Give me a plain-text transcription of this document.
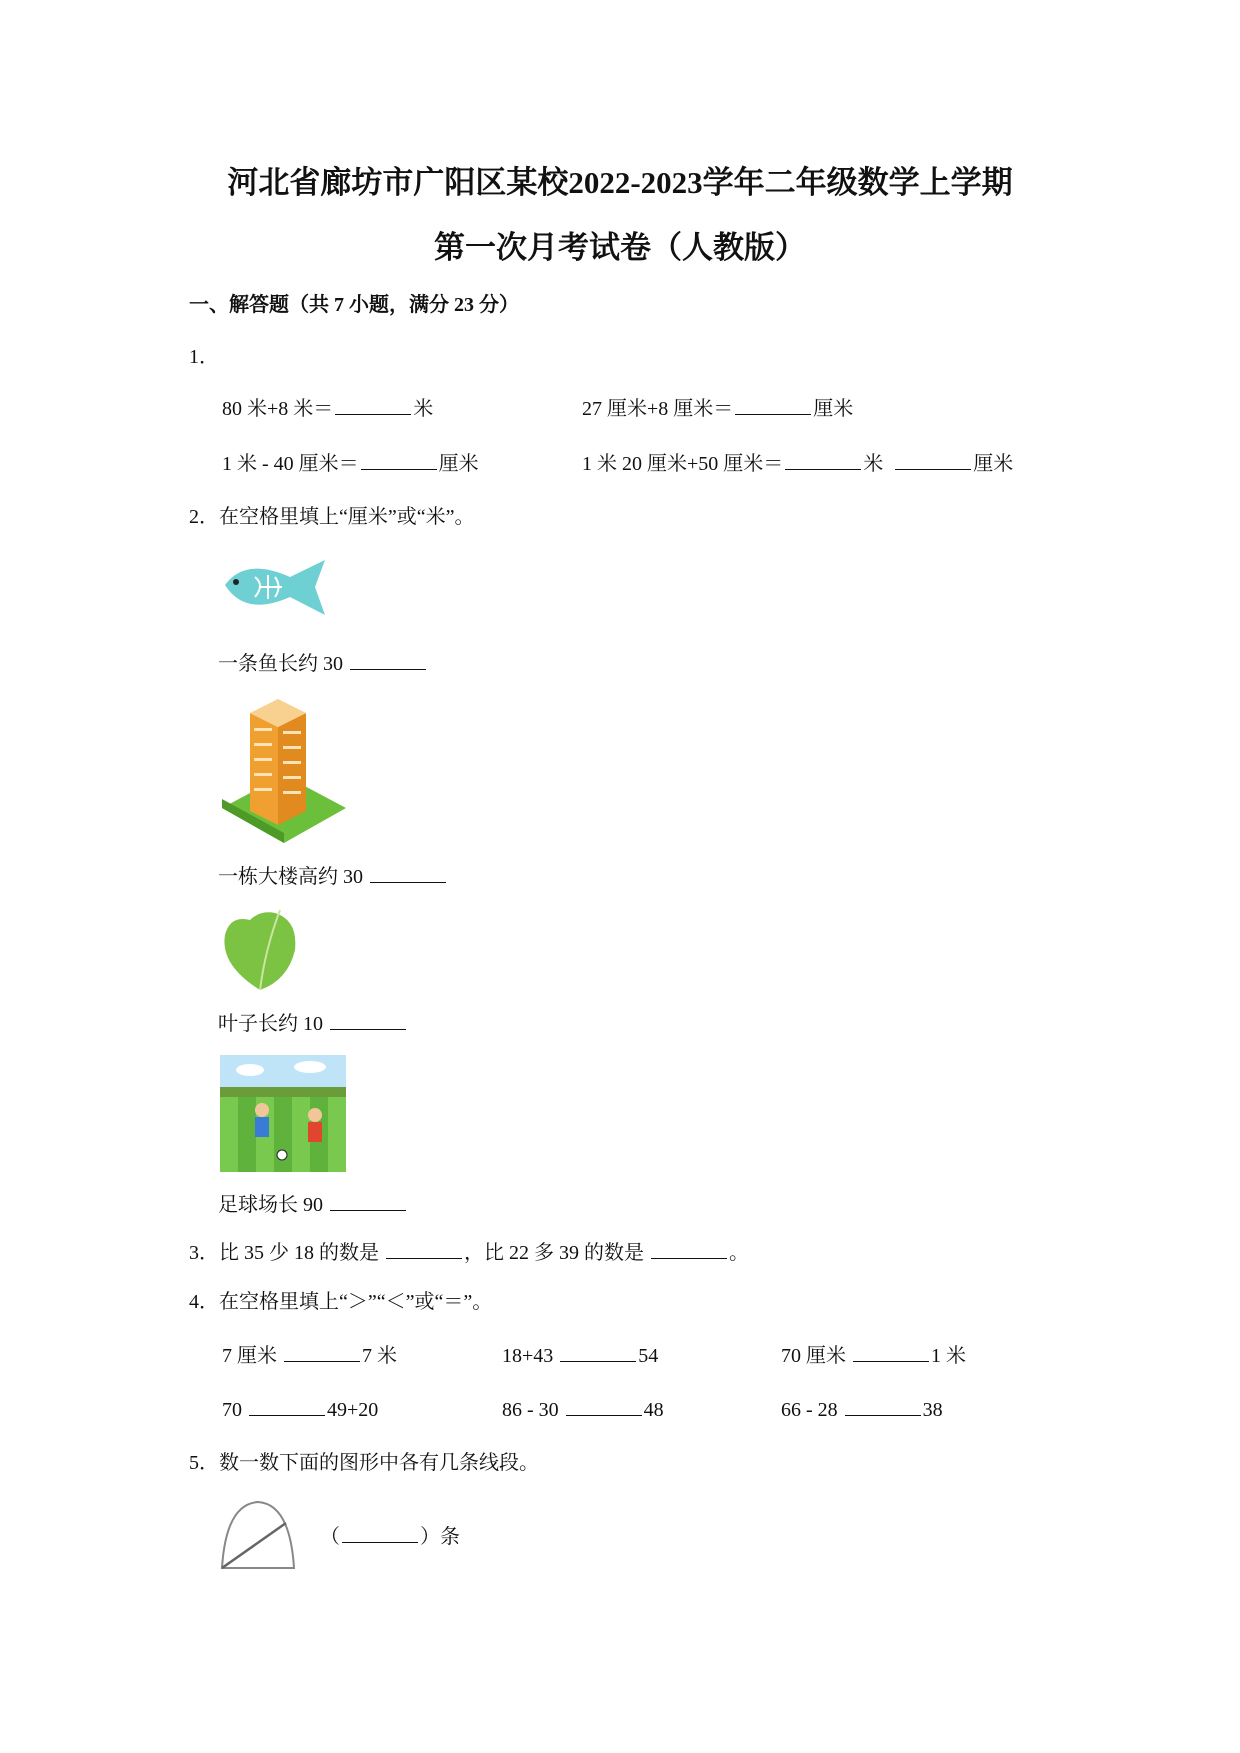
河北省廊坊市广阳区某校2022-2023学年二年级数学上学期
第一次月考试卷（人教版）
一、解答题（共 7 小题，满分 23 分）
1．
80 米+8 米＝	米	27 厘米+8 厘米＝	厘米
1 米 - 40 厘米＝	厘米	1 米 20 厘米+50 厘米＝	米	厘米
2．在空格里填上“厘米”或“米”。
一条鱼长约 30
一栋大楼高约 30
叶子长约 10
足球场长 90
3．比 35 少 18 的数是	，比 22 多 39 的数是	。
4．在空格里填上“＞”“＜”或“＝”。
7 厘米	7 米	18+43	54	70 厘米	1 米
70	49+20	86 - 30	48	66 - 28	38
5．数一数下面的图形中各有几条线段。
（	）条
